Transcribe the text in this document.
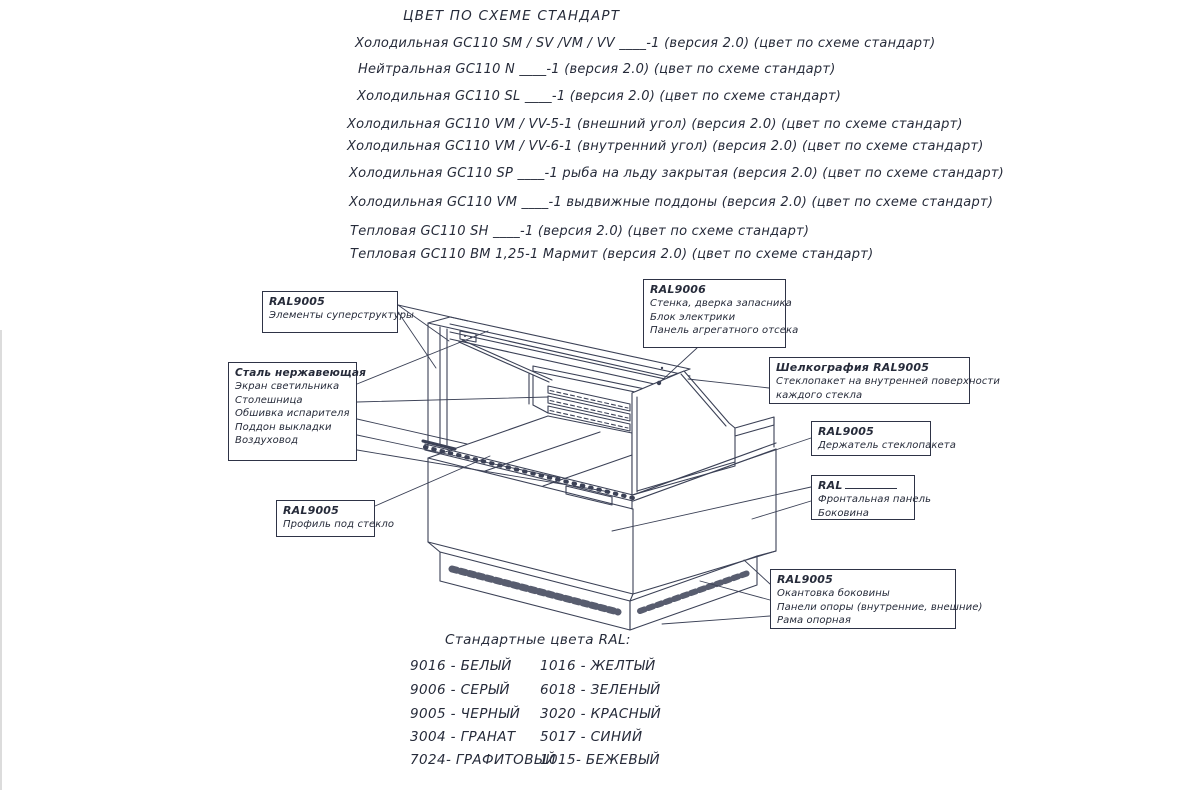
ЦВЕТ ПО СХЕМЕ СТАНДАРТ
Холодильная GC110 SM / SV /VM / VV ____-1 (версия 2.0) (цвет по схеме стандарт)
Нейтральная GC110 N ____-1 (версия 2.0) (цвет по схеме стандарт)
Холодильная GC110 SL ____-1 (версия 2.0) (цвет по схеме стандарт)
Холодильная GC110 VM / VV-5-1 (внешний угол) (версия 2.0) (цвет по схеме стандарт)
Холодильная GC110 VM / VV-6-1 (внутренний угол) (версия 2.0) (цвет по схеме стандарт)
Холодильная GC110 SP ____-1 рыба на льду закрытая (версия 2.0) (цвет по схеме стандарт)
Холодильная GC110 VM ____-1 выдвижные поддоны (версия 2.0) (цвет по схеме стандарт)
Тепловая GC110 SH ____-1 (версия 2.0) (цвет по схеме стандарт)
Тепловая GC110 BM 1,25-1 Мармит (версия 2.0) (цвет по схеме стандарт)
RAL9005
Элементы суперструктуры
Сталь нержавеющая
Экран светильника
Столешница
Обшивка испарителя
Поддон выкладки
Воздуховод
RAL9006
Стенка, дверка запасника
Блок электрики
Панель агрегатного отсека
Шелкография RAL9005
Стеклопакет на внутренней поверхности
каждого стекла
RAL9005
Держатель стеклопакета
RAL
Фронтальная панель
Боковина
RAL9005
Окантовка боковины
Панели опоры (внутренние, внешние)
Рама опорная
RAL9005
Профиль под стекло
Стандартные цвета RAL:
9016 - БЕЛЫЙ 1016 - ЖЕЛТЫЙ
9006 - СЕРЫЙ 6018 - ЗЕЛЕНЫЙ
9005 - ЧЕРНЫЙ 3020 - КРАСНЫЙ
3004 - ГРАНАТ 5017 - СИНИЙ
7024- ГРАФИТОВЫЙ
1015- БЕЖЕВЫЙ
